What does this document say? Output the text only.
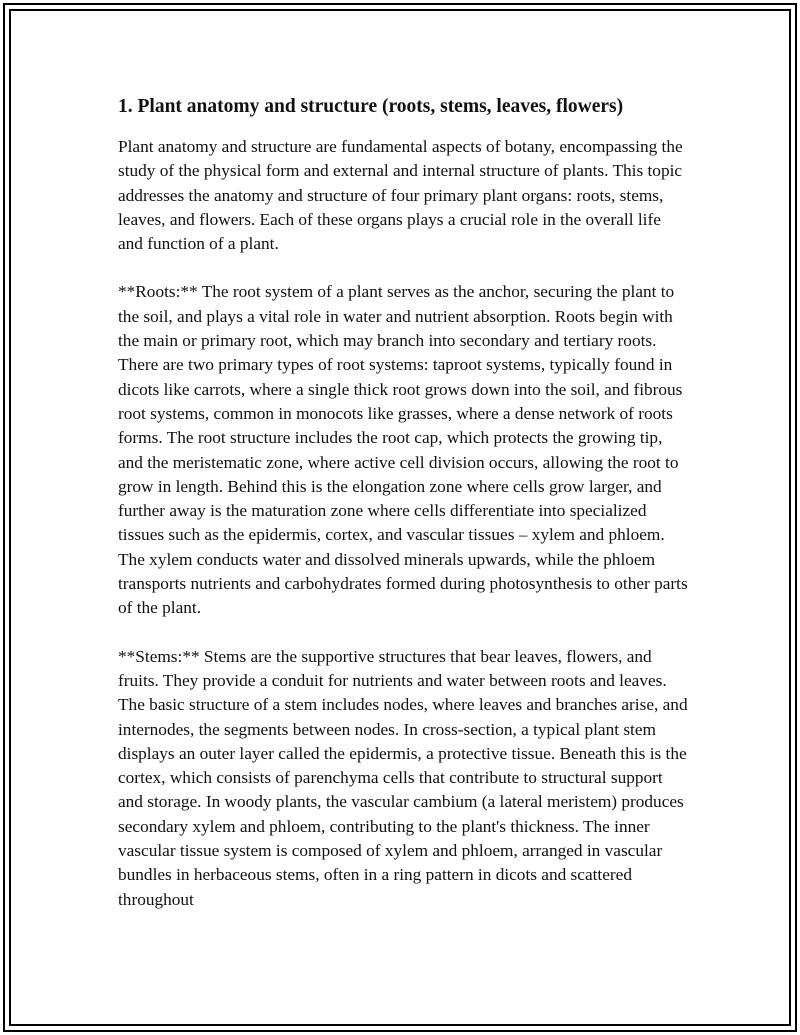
1. Plant anatomy and structure (roots, stems, leaves, flowers)

Plant anatomy and structure are fundamental aspects of botany, encompassing the study of the physical form and external and internal structure of plants. This topic addresses the anatomy and structure of four primary plant organs: roots, stems, leaves, and flowers. Each of these organs plays a crucial role in the overall life and function of a plant.

**Roots:** The root system of a plant serves as the anchor, securing the plant to the soil, and plays a vital role in water and nutrient absorption. Roots begin with the main or primary root, which may branch into secondary and tertiary roots. There are two primary types of root systems: taproot systems, typically found in dicots like carrots, where a single thick root grows down into the soil, and fibrous root systems, common in monocots like grasses, where a dense network of roots forms. The root structure includes the root cap, which protects the growing tip, and the meristematic zone, where active cell division occurs, allowing the root to grow in length. Behind this is the elongation zone where cells grow larger, and further away is the maturation zone where cells differentiate into specialized tissues such as the epidermis, cortex, and vascular tissues – xylem and phloem. The xylem conducts water and dissolved minerals upwards, while the phloem transports nutrients and carbohydrates formed during photosynthesis to other parts of the plant.

**Stems:** Stems are the supportive structures that bear leaves, flowers, and fruits. They provide a conduit for nutrients and water between roots and leaves. The basic structure of a stem includes nodes, where leaves and branches arise, and internodes, the segments between nodes. In cross-section, a typical plant stem displays an outer layer called the epidermis, a protective tissue. Beneath this is the cortex, which consists of parenchyma cells that contribute to structural support and storage. In woody plants, the vascular cambium (a lateral meristem) produces secondary xylem and phloem, contributing to the plant's thickness. The inner vascular tissue system is composed of xylem and phloem, arranged in vascular bundles in herbaceous stems, often in a ring pattern in dicots and scattered throughout
